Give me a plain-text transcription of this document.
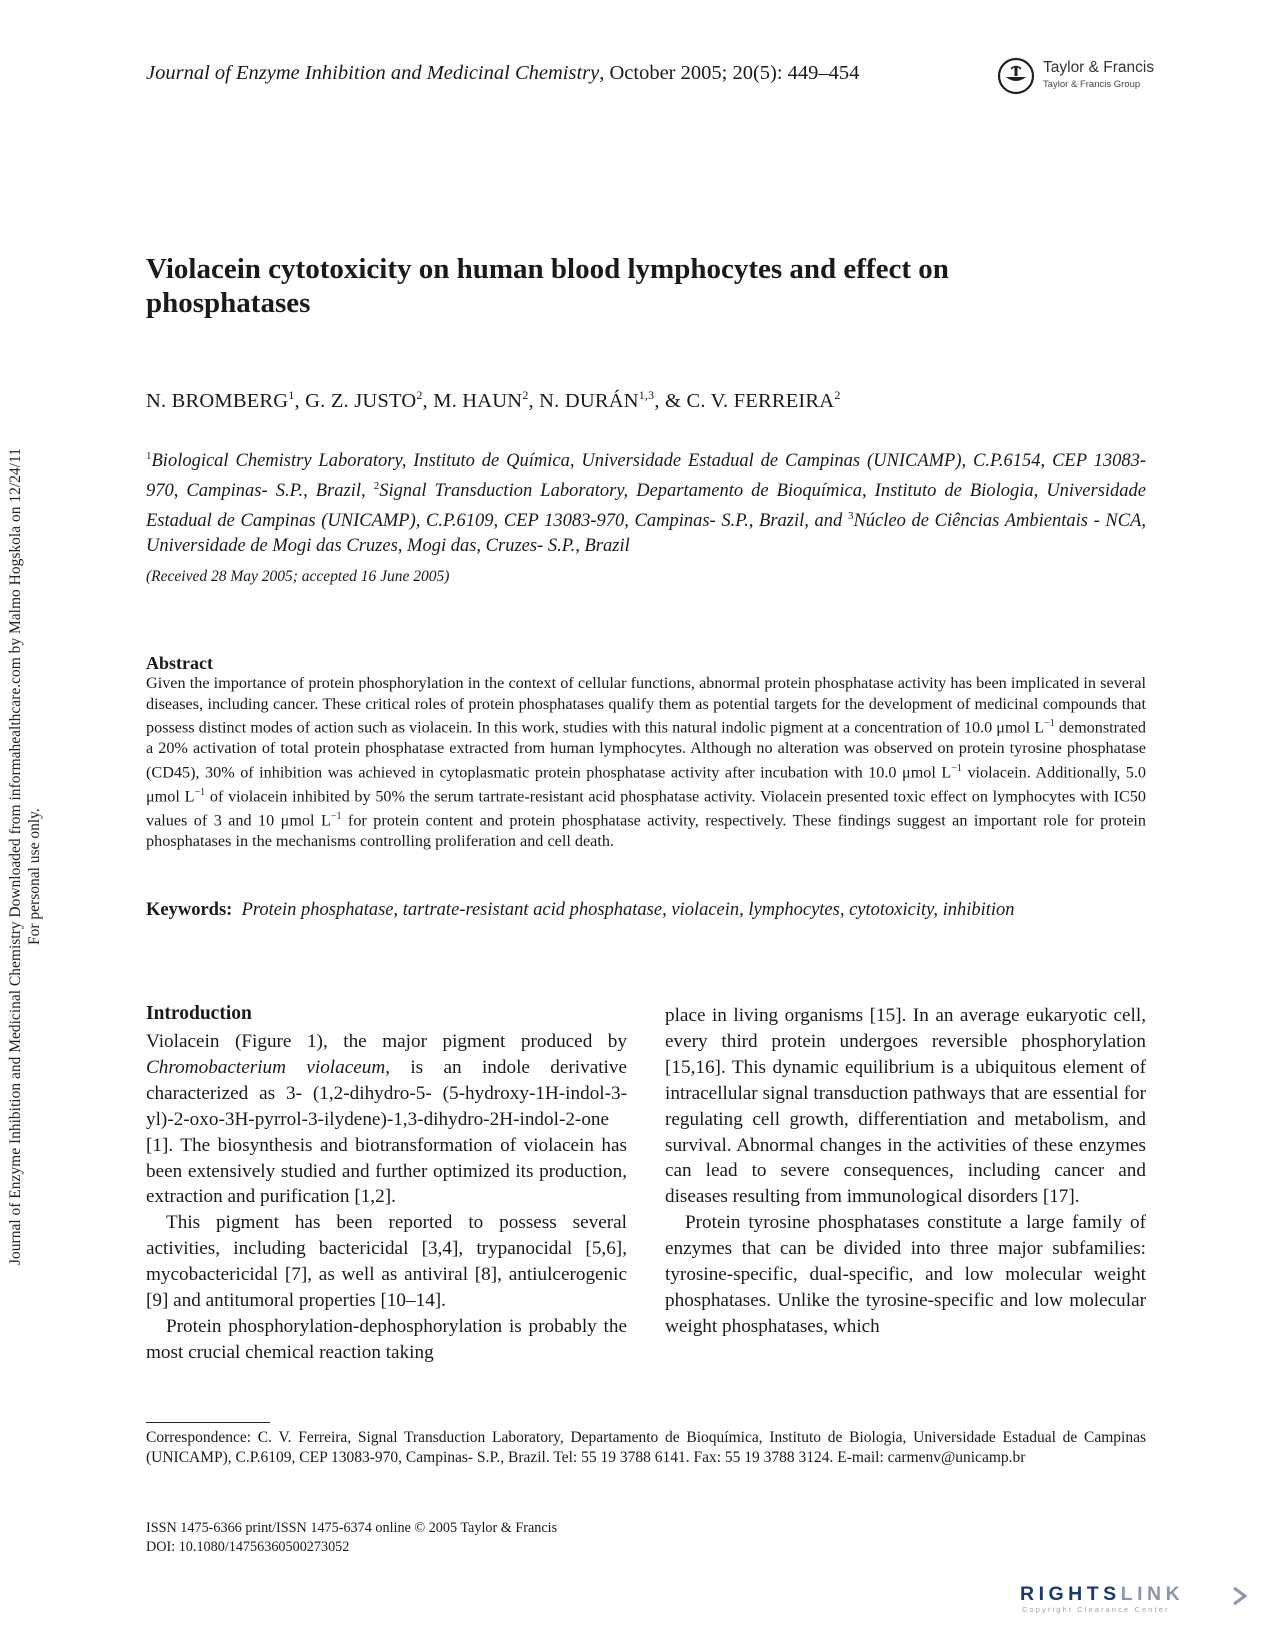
Journal of Enzyme Inhibition and Medicinal Chemistry Downloaded from informahealthcare.com by Malmo Hogskola on 12/24/11 For personal use only.
Journal of Enzyme Inhibition and Medicinal Chemistry, October 2005; 20(5): 449–454	Taylor & Francis
Taylor & Francis Group
Violacein cytotoxicity on human blood lymphocytes and effect on phosphatases
N. BROMBERG$^1$, G. Z. JUSTO$^2$, M. HAUN$^2$, N. DURÁN$^{1,3}$, & C. V. FERREIRA$^2$
$^1$Biological Chemistry Laboratory, Instituto de Química, Universidade Estadual de Campinas (UNICAMP), C.P.6154, CEP 13083-970, Campinas- S.P., Brazil, $^2$Signal Transduction Laboratory, Departamento de Bioquímica, Instituto de Biologia, Universidade Estadual de Campinas (UNICAMP), C.P.6109, CEP 13083-970, Campinas- S.P., Brazil, and $^3$Núcleo de Ciências Ambientais - NCA, Universidade de Mogi das Cruzes, Mogi das, Cruzes- S.P., Brazil
(Received 28 May 2005; accepted 16 June 2005)
Abstract
Given the importance of protein phosphorylation in the context of cellular functions, abnormal protein phosphatase activity has been implicated in several diseases, including cancer. These critical roles of protein phosphatases qualify them as potential targets for the development of medicinal compounds that possess distinct modes of action such as violacein. In this work, studies with this natural indolic pigment at a concentration of 10.0 μmol $L^{-1}$ demonstrated a 20% activation of total protein phosphatase extracted from human lymphocytes. Although no alteration was observed on protein tyrosine phosphatase (CD45), 30% of inhibition was achieved in cytoplasmatic protein phosphatase activity after incubation with 10.0 μmol $L^{-1}$ violacein. Additionally, 5.0 μmol $L^{-1}$ of violacein inhibited by 50% the serum tartrate-resistant acid phosphatase activity. Violacein presented toxic effect on lymphocytes with IC50 values of 3 and 10 μmol $L^{-1}$ for protein content and protein phosphatase activity, respectively. These findings suggest an important role for protein phosphatases in the mechanisms controlling proliferation and cell death.
Keywords: Protein phosphatase, tartrate-resistant acid phosphatase, violacein, lymphocytes, cytotoxicity, inhibition
Introduction

Violacein (Figure 1), the major pigment produced by Chromobacterium violaceum, is an indole derivative characterized as 3- (1,2-dihydro-5- (5-hydroxy-1H-indol-3-yl)-2-oxo-3H-pyrrol-3-ilydene)-1,3-dihydro-2H-indol-2-one [1]. The biosynthesis and biotransformation of violacein has been extensively studied and further optimized its production, extraction and purification [1,2].

This pigment has been reported to possess several activities, including bactericidal [3,4], trypanocidal [5,6], mycobactericidal [7], as well as antiviral [8], antiulcerogenic [9] and antitumoral properties [10–14].

Protein phosphorylation-dephosphorylation is probably the most crucial chemical reaction taking

place in living organisms [15]. In an average eukaryotic cell, every third protein undergoes reversible phosphorylation [15,16]. This dynamic equilibrium is a ubiquitous element of intracellular signal transduction pathways that are essential for regulating cell growth, differentiation and metabolism, and survival. Abnormal changes in the activities of these enzymes can lead to severe consequences, including cancer and diseases resulting from immunological disorders [17].

Protein tyrosine phosphatases constitute a large family of enzymes that can be divided into three major subfamilies: tyrosine-specific, dual-specific, and low molecular weight phosphatases. Unlike the tyrosine-specific and low molecular weight phosphatases, which

Correspondence: C. V. Ferreira, Signal Transduction Laboratory, Departamento de Bioquímica, Instituto de Biologia, Universidade Estadual de Campinas (UNICAMP), C.P.6109, CEP 13083-970, Campinas- S.P., Brazil. Tel: 55 19 3788 6141. Fax: 55 19 3788 3124. E-mail: carmenv@unicamp.br
ISSN 1475-6366 print/ISSN 1475-6374 online © 2005 Taylor & Francis
DOI: 10.1080/14756360500273052
RIGHTSLINK
Copyright Clearance Center
